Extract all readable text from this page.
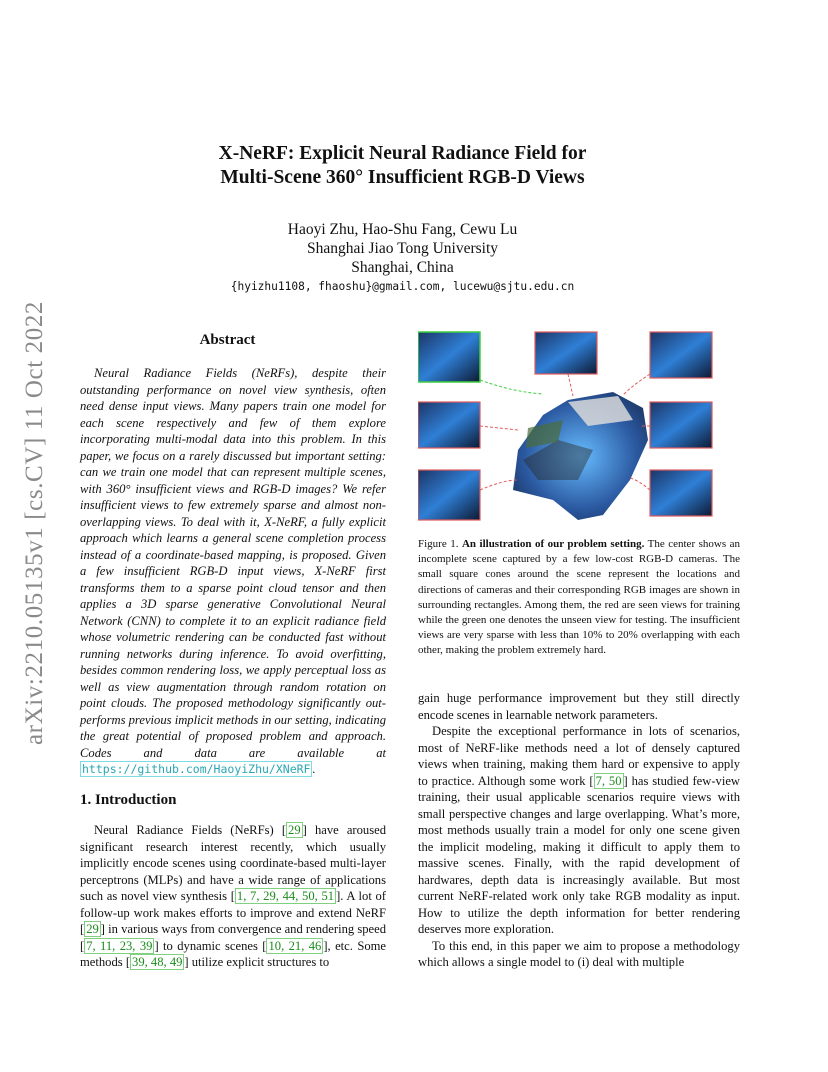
arXiv:2210.05135v1 [cs.CV] 11 Oct 2022
X-NeRF: Explicit Neural Radiance Field for
Multi-Scene 360° Insufficient RGB-D Views
Haoyi Zhu, Hao-Shu Fang, Cewu Lu
Shanghai Jiao Tong University
Shanghai, China
{hyizhu1108, fhaoshu}@gmail.com, lucewu@sjtu.edu.cn
Abstract

Neural Radiance Fields (NeRFs), despite their outstanding performance on novel view synthesis, often need dense input views. Many papers train one model for each scene respectively and few of them explore incorporating multi-modal data into this problem. In this paper, we focus on a rarely discussed but important setting: can we train one model that can represent multiple scenes, with 360° insufficient views and RGB-D images? We refer insufficient views to few extremely sparse and almost non-overlapping views. To deal with it, X-NeRF, a fully explicit approach which learns a general scene completion process instead of a coordinate-based mapping, is proposed. Given a few insufficient RGB-D input views, X-NeRF first transforms them to a sparse point cloud tensor and then applies a 3D sparse generative Convolutional Neural Network (CNN) to complete it to an explicit radiance field whose volumetric rendering can be conducted fast without running networks during inference. To avoid overfitting, besides common rendering loss, we apply perceptual loss as well as view augmentation through random rotation on point clouds. The proposed methodology significantly out-performs previous implicit methods in our setting, indicating the great potential of proposed problem and approach. Codes and data are available at https://github.com/HaoyiZhu/XNeRF .

1. Introduction

Neural Radiance Fields (NeRFs) [ 29 ] have aroused significant research interest recently, which usually implicitly encode scenes using coordinate-based multi-layer perceptrons (MLPs) and have a wide range of applications such as novel view synthesis [ 1, 7, 29, 44, 50, 51 ]. A lot of follow-up work makes efforts to improve and extend NeRF [ 29 ] in various ways from convergence and rendering speed [ 7, 11, 23, 39 ] to dynamic scenes [ 10, 21, 46 ], etc. Some methods [ 39, 48, 49 ] utilize explicit structures to

Figure 1. An illustration of our problem setting. The center shows an incomplete scene captured by a few low-cost RGB-D cameras. The small square cones around the scene represent the locations and directions of cameras and their corresponding RGB images are shown in surrounding rectangles. Among them, the red are seen views for training while the green one denotes the unseen view for testing. The insufficient views are very sparse with less than 10% to 20% overlapping with each other, making the problem extremely hard.

gain huge performance improvement but they still directly encode scenes in learnable network parameters.

Despite the exceptional performance in lots of scenarios, most of NeRF-like methods need a lot of densely captured views when training, making them hard or expensive to apply to practice. Although some work [ 7, 50 ] has studied few-view training, their usual applicable scenarios require views with small perspective changes and large overlapping. What’s more, most methods usually train a model for only one scene given the implicit modeling, making it difficult to apply them to massive scenes. Finally, with the rapid development of hardwares, depth data is increasingly available. But most current NeRF-related work only take RGB modality as input. How to utilize the depth information for better rendering deserves more exploration.

To this end, in this paper we aim to propose a methodology which allows a single model to (i) deal with multiple
